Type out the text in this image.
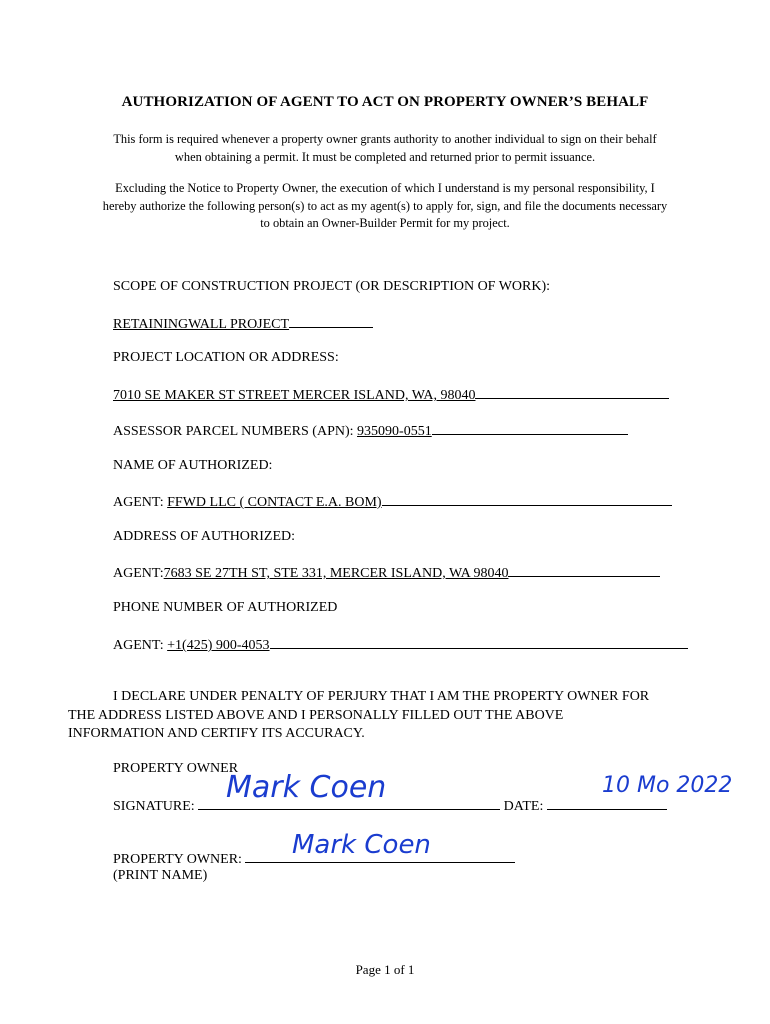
AUTHORIZATION OF AGENT TO ACT ON PROPERTY OWNER’S BEHALF
This form is required whenever a property owner grants authority to another individual to sign on their behalf
when obtaining a permit. It must be completed and returned prior to permit issuance.
Excluding the Notice to Property Owner, the execution of which I understand is my personal responsibility, I
hereby authorize the following person(s) to act as my agent(s) to apply for, sign, and file the documents necessary
to obtain an Owner-Builder Permit for my project.
SCOPE OF CONSTRUCTION PROJECT (OR DESCRIPTION OF WORK):
RETAININGWALL PROJECT
PROJECT LOCATION OR ADDRESS:
7010 SE MAKER ST STREET MERCER ISLAND, WA, 98040
ASSESSOR PARCEL NUMBERS (APN): 935090-0551
NAME OF AUTHORIZED:
AGENT: FFWD LLC ( CONTACT E.A. BOM)
ADDRESS OF AUTHORIZED:
AGENT:7683 SE 27TH ST, STE 331, MERCER ISLAND, WA 98040
PHONE NUMBER OF AUTHORIZED
AGENT: +1(425) 900-4053
I DECLARE UNDER PENALTY OF PERJURY THAT I AM THE PROPERTY OWNER FOR
THE ADDRESS LISTED ABOVE AND I PERSONALLY FILLED OUT THE ABOVE
INFORMATION AND CERTIFY ITS ACCURACY.
PROPERTY OWNER
SIGNATURE:	DATE:
Mark Coen	10 Mo 2022
PROPERTY OWNER:
(PRINT NAME)
Mark Coen
Page 1 of 1
